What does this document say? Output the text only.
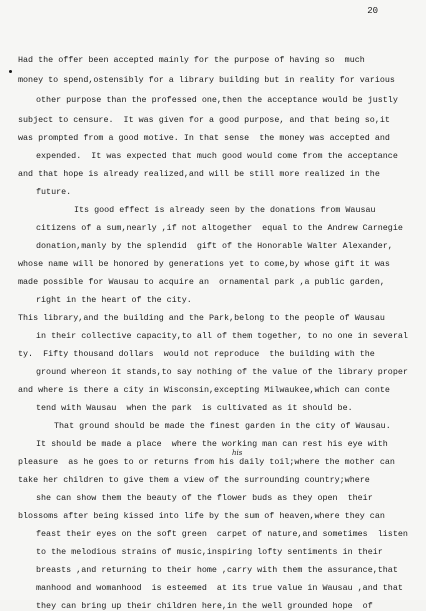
20
Had the offer been accepted mainly for the purpose of having so  much
money to spend,ostensibly for a library building but in reality for various
other purpose than the professed one,then the acceptance would be justly
subject to censure.  It was given for a good purpose, and that being so,it
was prompted from a good motive. In that sense  the money was accepted and
expended.  It was expected that much good would come from the acceptance
and that hope is already realized,and will be still more realized in the
future.
Its good effect is already seen by the donations from Wausau
citizens of a sum,nearly ,if not altogether  equal to the Andrew Carnegie
donation,manly by the splendid  gift of the Honorable Walter Alexander,
whose name will be honored by generations yet to come,by whose gift it was
made possible for Wausau to acquire an  ornamental park ,a public garden,
right in the heart of the city.
This library,and the building and the Park,belong to the people of Wausau
in their collective capacity,to all of them together, to no one in several
ty.  Fifty thousand dollars  would not reproduce  the building with the
ground whereon it stands,to say nothing of the value of the library proper
and where is there a city in Wisconsin,excepting Milwaukee,which can conte
tend with Wausau  when the park  is cultivated as it should be.
That ground should be made the finest garden in the city of Wausau.
It should be made a place  where the working man can rest his eye with
pleasure  as he goes to or returns from his daily toil;where the mother can
take her children to give them a view of the surrounding country;where
she can show them the beauty of the flower buds as they open  their
blossoms after being kissed into life by the sum of heaven,where they can
feast their eyes on the soft green  carpet of nature,and sometimes  listen
to the melodious strains of music,inspiring lofty sentiments in their
breasts ,and returning to their home ,carry with them the assurance,that
manhood and womanhood  is esteemed  at its true value in Wausau ,and that
they can bring up their children here,in the well grounded hope  of
his
